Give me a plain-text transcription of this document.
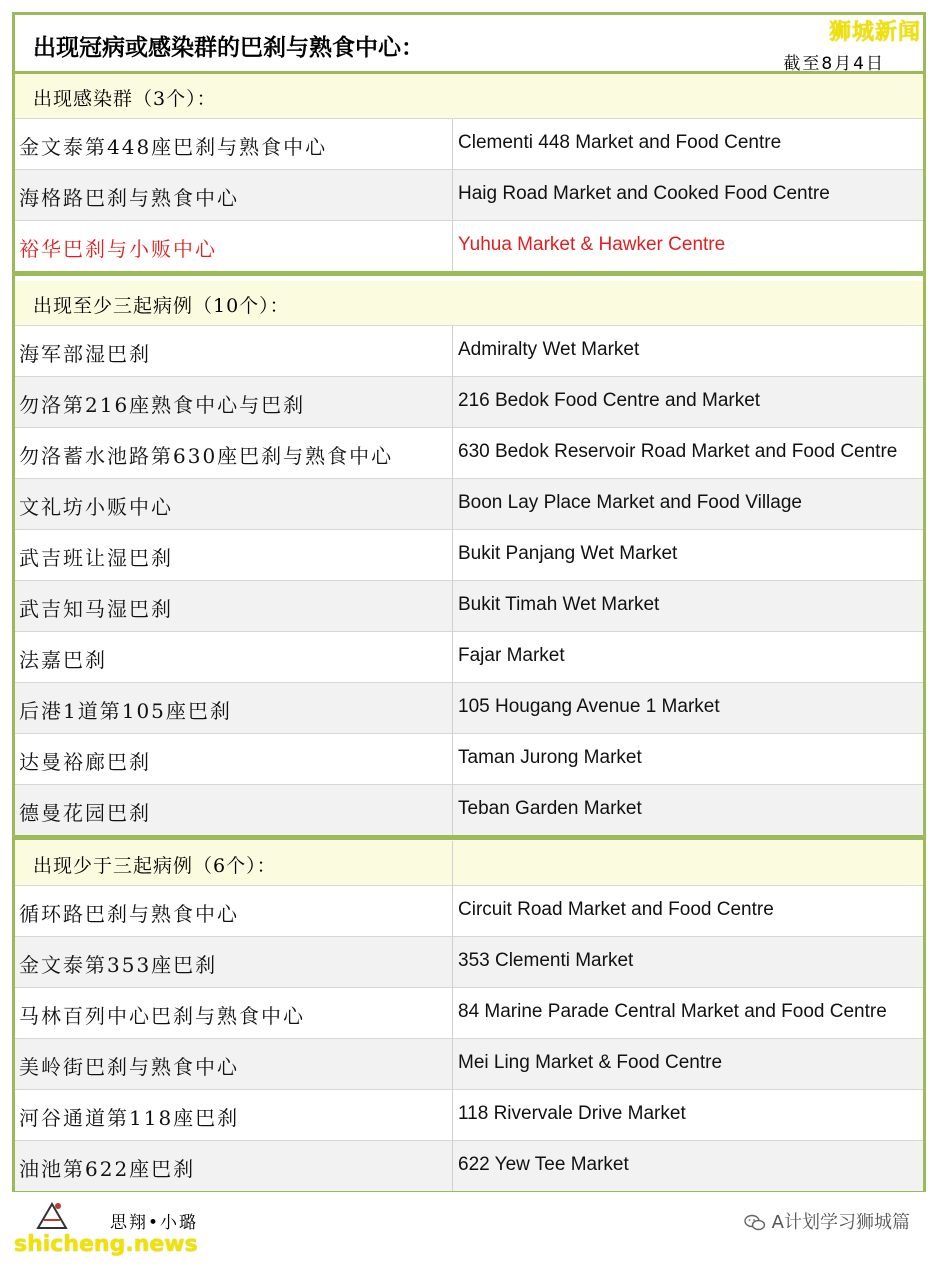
出现冠病或感染群的巴刹与熟食中心：
狮城新闻
截至8月4日
出现感染群（3个）：
金文泰第448座巴刹与熟食中心	Clementi 448 Market and Food Centre
海格路巴刹与熟食中心	Haig Road Market and Cooked Food Centre
裕华巴刹与小贩中心	Yuhua Market & Hawker Centre
出现至少三起病例（10个）：
海军部湿巴刹	Admiralty Wet Market
勿洛第216座熟食中心与巴刹	216 Bedok Food Centre and Market
勿洛蓄水池路第630座巴刹与熟食中心	630 Bedok Reservoir Road Market and Food Centre
文礼坊小贩中心	Boon Lay Place Market and Food Village
武吉班让湿巴刹	Bukit Panjang Wet Market
武吉知马湿巴刹	Bukit Timah Wet Market
法嘉巴刹	Fajar Market
后港1道第105座巴刹	105 Hougang Avenue 1 Market
达曼裕廊巴刹	Taman Jurong Market
德曼花园巴刹	Teban Garden Market
出现少于三起病例（6个）：
循环路巴刹与熟食中心	Circuit Road Market and Food Centre
金文泰第353座巴刹	353 Clementi Market
马林百列中心巴刹与熟食中心	84 Marine Parade Central Market and Food Centre
美岭街巴刹与熟食中心	Mei Ling Market & Food Centre
河谷通道第118座巴刹	118 Rivervale Drive Market
油池第622座巴刹	622 Yew Tee Market
思翔•小璐
shicheng.news
A计划学习狮城篇
